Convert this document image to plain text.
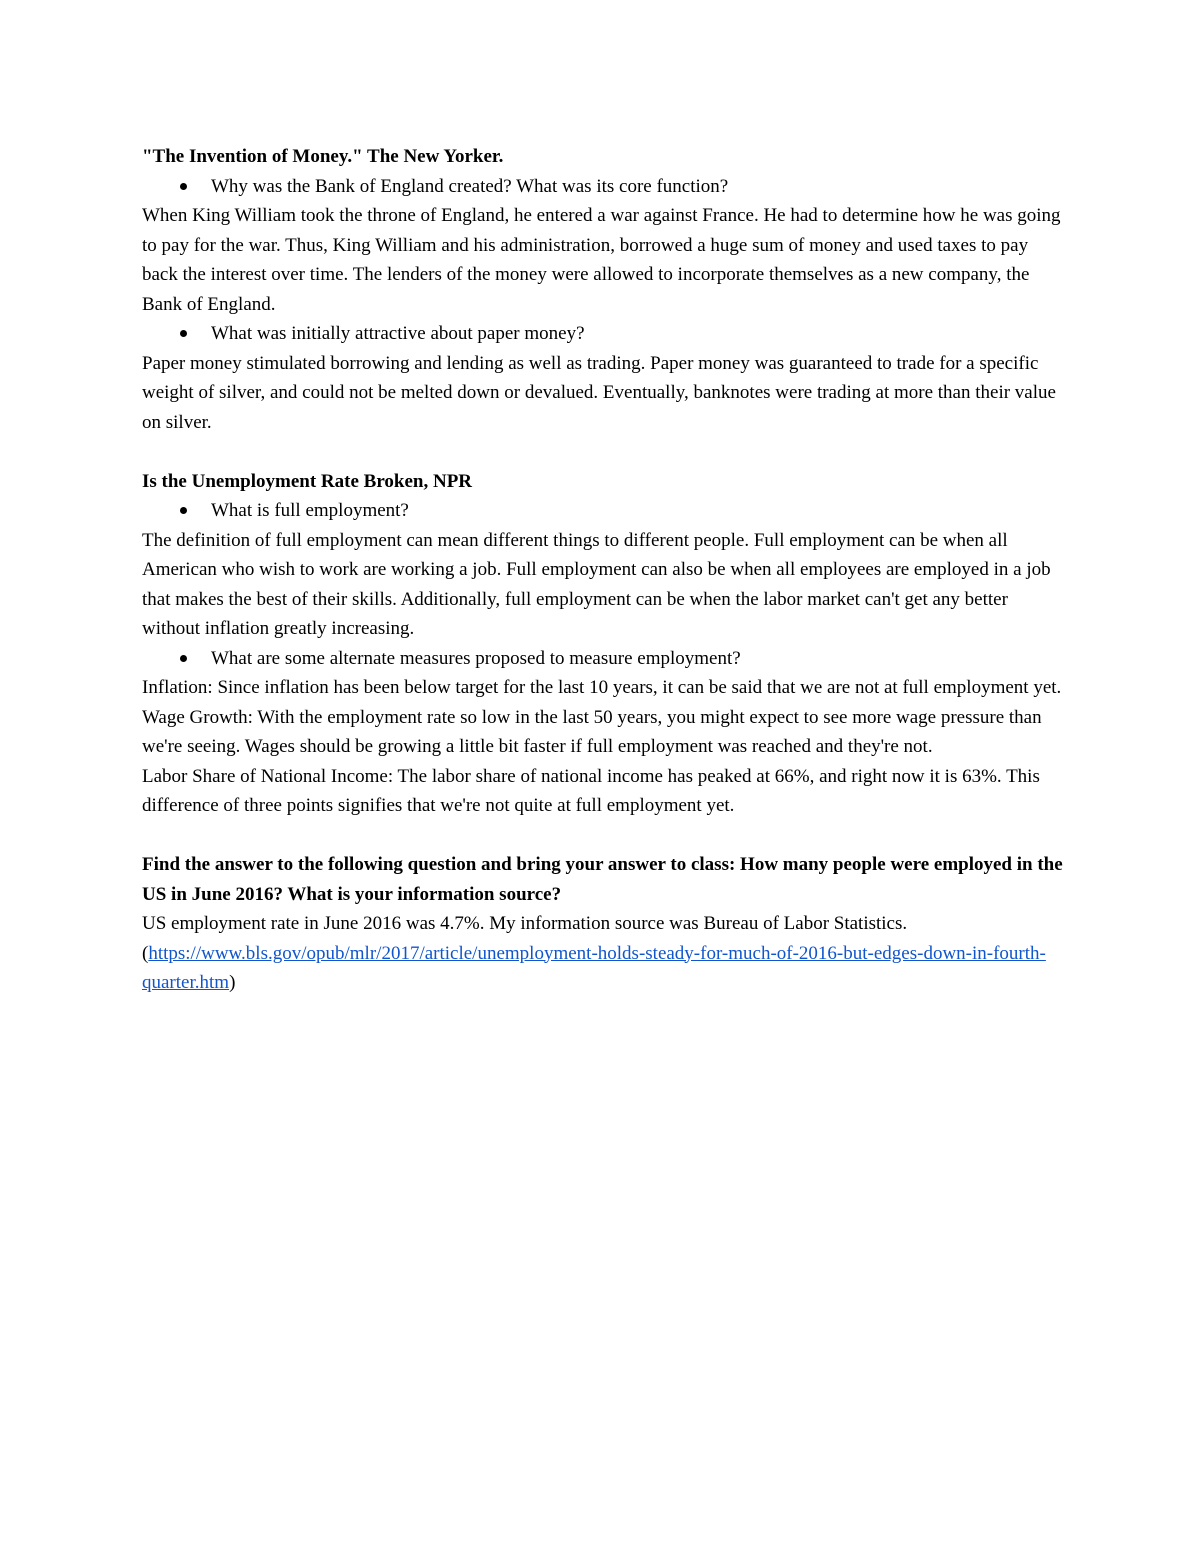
"The Invention of Money." The New Yorker.
Why was the Bank of England created? What was its core function?
When King William took the throne of England, he entered a war against France. He had to determine how he was going to pay for the war. Thus, King William and his administration, borrowed a huge sum of money and used taxes to pay back the interest over time. The lenders of the money were allowed to incorporate themselves as a new company, the Bank of England.
What was initially attractive about paper money?
Paper money stimulated borrowing and lending as well as trading. Paper money was guaranteed to trade for a specific weight of silver, and could not be melted down or devalued. Eventually, banknotes were trading at more than their value on silver.
Is the Unemployment Rate Broken, NPR
What is full employment?
The definition of full employment can mean different things to different people. Full employment can be when all American who wish to work are working a job. Full employment can also be when all employees are employed in a job that makes the best of their skills. Additionally, full employment can be when the labor market can't get any better without inflation greatly increasing.
What are some alternate measures proposed to measure employment?
Inflation: Since inflation has been below target for the last 10 years, it can be said that we are not at full employment yet.
Wage Growth: With the employment rate so low in the last 50 years, you might expect to see more wage pressure than we're seeing. Wages should be growing a little bit faster if full employment was reached and they're not.
Labor Share of National Income: The labor share of national income has peaked at 66%, and right now it is 63%. This difference of three points signifies that we're not quite at full employment yet.
Find the answer to the following question and bring your answer to class: How many people were employed in the US in June 2016? What is your information source?
US employment rate in June 2016 was 4.7%. My information source was Bureau of Labor Statistics.
(https://www.bls.gov/opub/mlr/2017/article/unemployment-holds-steady-for-much-of-2016-but-edges-down-in-fourth-quarter.htm)
